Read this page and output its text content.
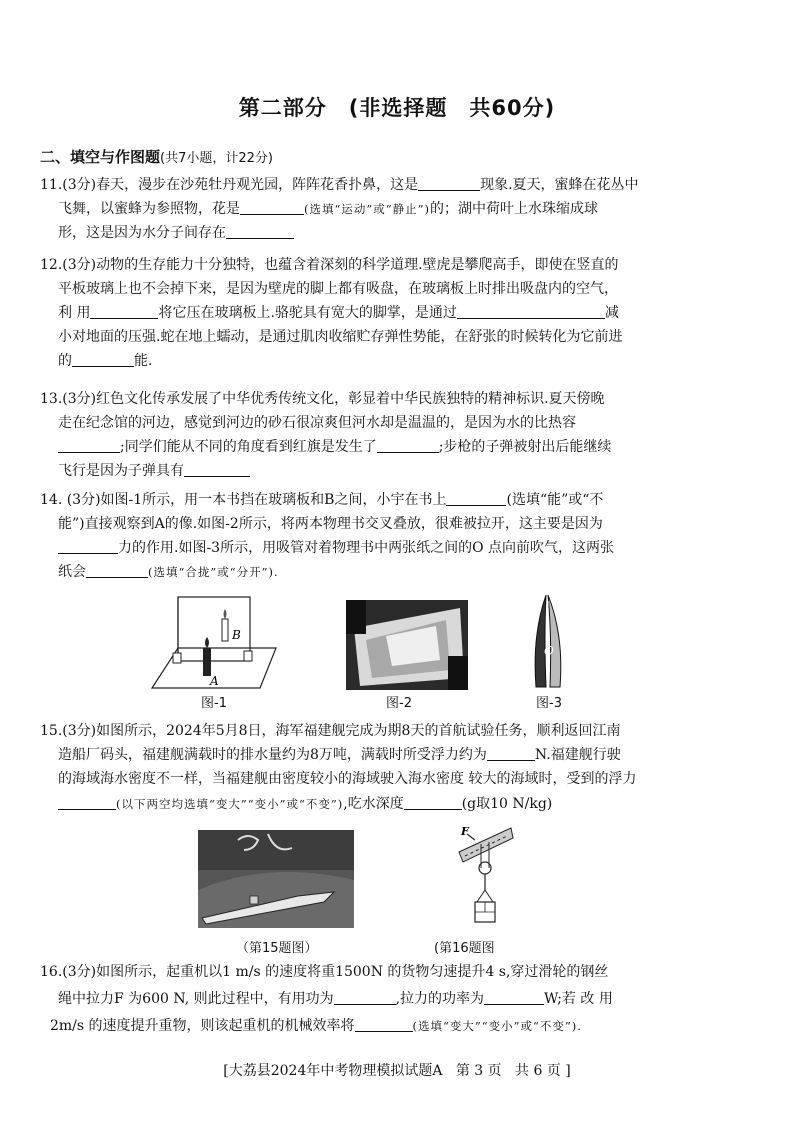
第二部分　(非选择题　共60分)
二、填空与作图题(共7小题，计22分)
11.(3分)春天，漫步在沙苑牡丹观光园，阵阵花香扑鼻，这是	现象.夏天，蜜蜂在花丛中
飞舞，以蜜蜂为参照物，花是	(选填“运动”或“静止”)的；湖中荷叶上水珠缩成球
形，这是因为水分子间存在
12.(3分)动物的生存能力十分独特，也蕴含着深刻的科学道理.壁虎是攀爬高手，即使在竖直的
平板玻璃上也不会掉下来，是因为壁虎的脚上都有吸盘，在玻璃板上时排出吸盘内的空气，
利 用	将它压在玻璃板上.骆驼具有宽大的脚掌，是通过	减
小对地面的压强.蛇在地上蠕动，是通过肌肉收缩贮存弹性势能，在舒张的时候转化为它前进
的	能.
13.(3分)红色文化传承发展了中华优秀传统文化，彰显着中华民族独特的精神标识.夏天傍晚
走在纪念馆的河边，感觉到河边的砂石很凉爽但河水却是温温的，是因为水的比热容
;同学们能从不同的角度看到红旗是发生了	;步枪的子弹被射出后能继续
飞行是因为子弹具有
14. (3分)如图-1所示，用一本书挡在玻璃板和B之间，小宇在书上	(选填“能”或“不
能”)直接观察到A的像.如图-2所示，将两本物理书交叉叠放，很难被拉开，这主要是因为
力的作用.如图-3所示，用吸管对着物理书中两张纸之间的O 点向前吹气，这两张
纸会	(选填“合拢”或“分开”).
B
A
图-1	图-2
O
图-3
15.(3分)如图所示，2024年5月8日，海军福建舰完成为期8天的首航试验任务，顺利返回江南
造船厂码头，福建舰满载时的排水量约为8万吨，满载时所受浮力约为	N.福建舰行驶
的海域海水密度不一样，当福建舰由密度较小的海域驶入海水密度 较大的海域时，受到的浮力
(以下两空均选填“变大”“变小”或“不变”),吃水深度	(g取10 N/kg)
（第15题图）
F
(第16题图
16.(3分)如图所示，起重机以1 m/s 的速度将重1500N 的货物匀速提升4 s,穿过滑轮的钢丝
绳中拉力F 为600 N, 则此过程中，有用功为	,拉力的功率为	W;若 改 用
2m/s 的速度提升重物，则该起重机的机械效率将	(选填“变大”“变小”或“不变”).
[大荔县2024年中考物理模拟试题A   第 3 页   共 6 页 ]
